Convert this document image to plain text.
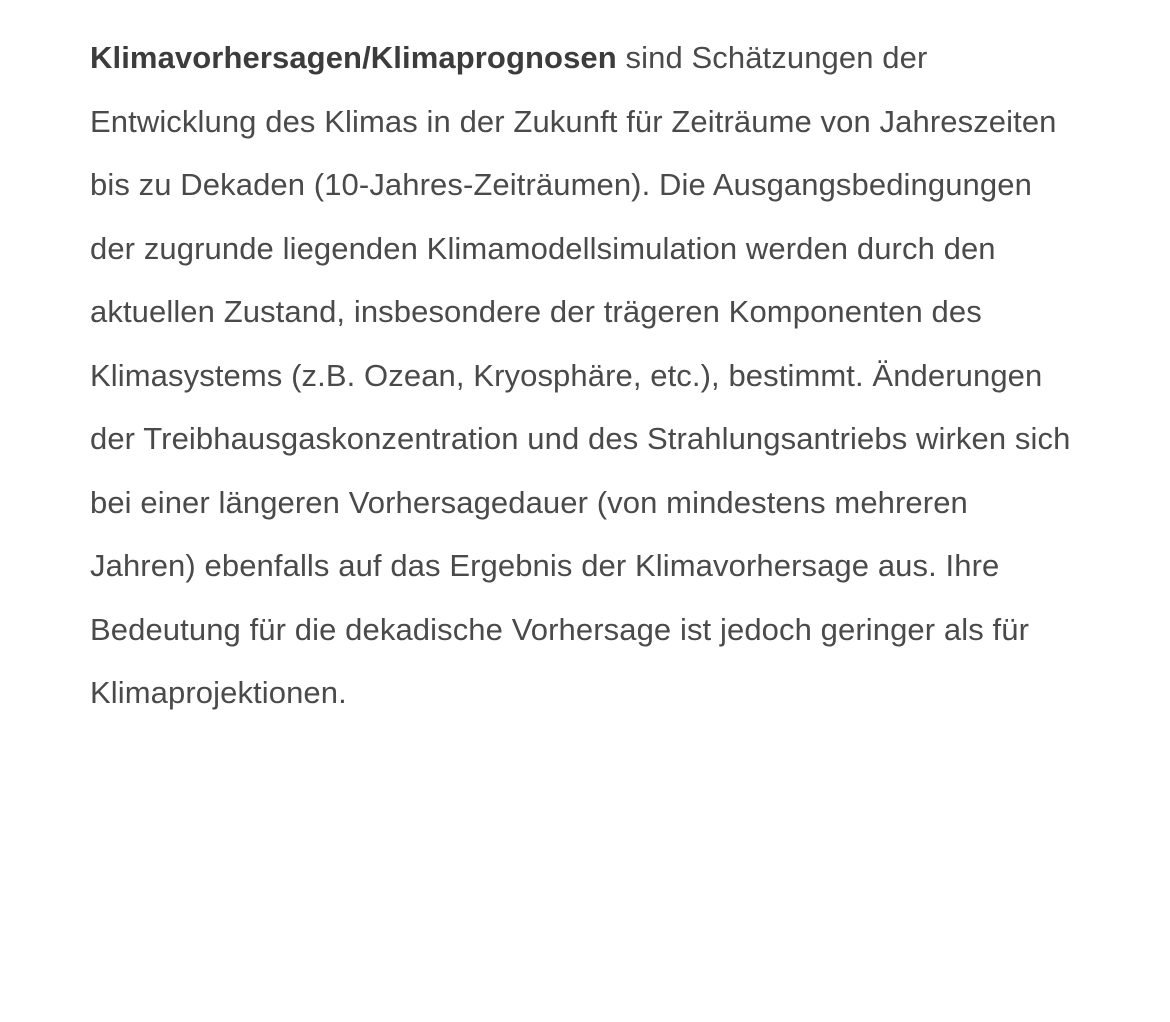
Klimavorhersagen/Klimaprognosen sind Schätzungen der Entwicklung des Klimas in der Zukunft für Zeiträume von Jahreszeiten bis zu Dekaden (10-Jahres-Zeiträumen). Die Ausgangsbedingungen der zugrunde liegenden Klimamodellsimulation werden durch den aktuellen Zustand, insbesondere der trägeren Komponenten des Klimasystems (z.B. Ozean, Kryosphäre, etc.), bestimmt. Änderungen der Treibhausgaskonzentration und des Strahlungsantriebs wirken sich bei einer längeren Vorhersagedauer (von mindestens mehreren Jahren) ebenfalls auf das Ergebnis der Klimavorhersage aus. Ihre Bedeutung für die dekadische Vorhersage ist jedoch geringer als für Klimaprojektionen.
